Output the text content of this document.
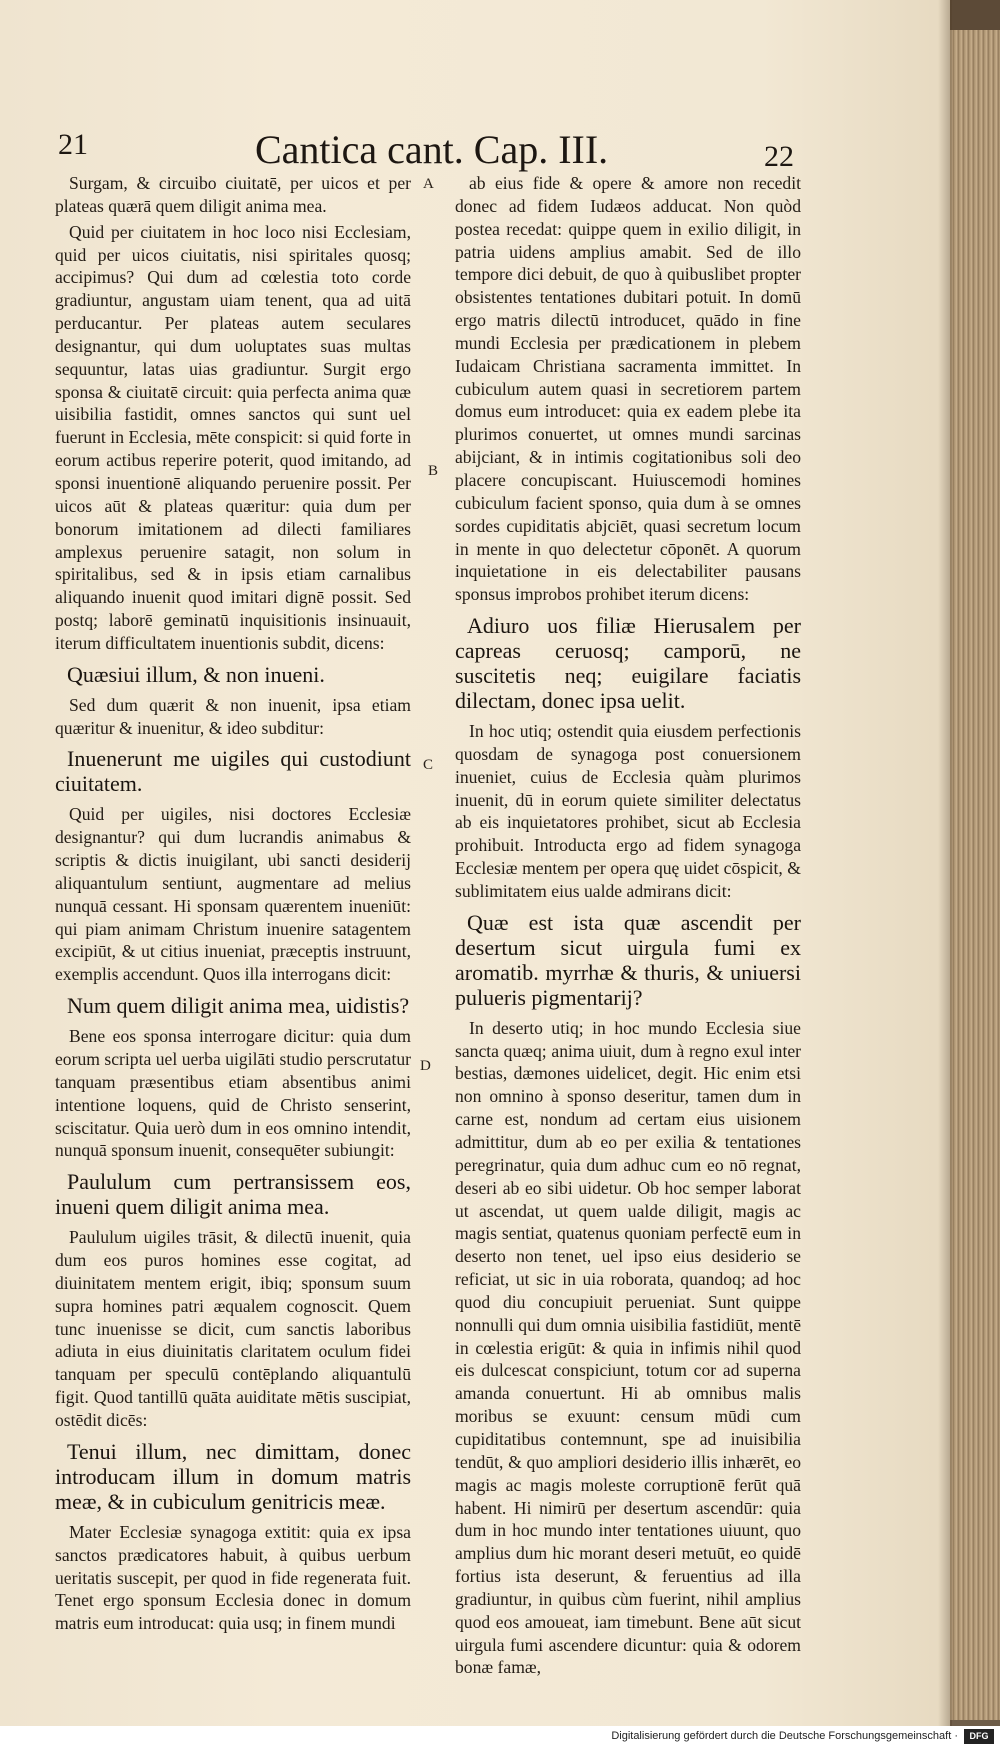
21	Cantica cant. Cap. III.	22

Surgam, & circuibo ciuitatē, per uicos et per plateas quærā quem diligit anima mea.

Quid per ciuitatem in hoc loco nisi Ecclesiam, quid per uicos ciuitatis, nisi spiritales quosq; accipimus? Qui dum ad cœlestia toto corde gradiuntur, angustam uiam tenent, qua ad uitā perducantur. Per plateas autem seculares designantur, qui dum uoluptates suas multas sequuntur, latas uias gradiuntur. Surgit ergo sponsa & ciuitatē circuit: quia perfecta anima quæ uisibilia fastidit, omnes sanctos qui sunt uel fuerunt in Ecclesia, mēte conspicit: si quid forte in eorum actibus reperire poterit, quod imitando, ad sponsi inuentionē aliquando peruenire possit. Per uicos aūt & plateas quæritur: quia dum per bonorum imitationem ad dilecti familiares amplexus peruenire satagit, non solum in spiritalibus, sed & in ipsis etiam carnalibus aliquando inuenit quod imitari dignē possit. Sed postq; laborē geminatū inquisitionis insinuauit, iterum difficultatem inuentionis subdit, dicens:

Quæsiui illum, & non inueni.

Sed dum quærit & non inuenit, ipsa etiam quæritur & inuenitur, & ideo subditur:

Inuenerunt me uigiles qui custodiunt ciuitatem.

Quid per uigiles, nisi doctores Ecclesiæ designantur? qui dum lucrandis animabus & scriptis & dictis inuigilant, ubi sancti desiderij aliquantulum sentiunt, augmentare ad melius nunquā cessant. Hi sponsam quærentem inueniūt: qui piam animam Christum inuenire satagentem excipiūt, & ut citius inueniat, præceptis instruunt, exemplis accendunt. Quos illa interrogans dicit:

Num quem diligit anima mea, uidistis?

Bene eos sponsa interrogare dicitur: quia dum eorum scripta uel uerba uigilāti studio perscrutatur tanquam præsentibus etiam absentibus animi intentione loquens, quid de Christo senserint, sciscitatur. Quia uerò dum in eos omnino intendit, nunquā sponsum inuenit, consequēter subiungit:

Paululum cum pertransissem eos, inueni quem diligit anima mea.

Paululum uigiles trāsit, & dilectū inuenit, quia dum eos puros homines esse cogitat, ad diuinitatem mentem erigit, ibiq; sponsum suum supra homines patri æqualem cognoscit. Quem tunc inuenisse se dicit, cum sanctis laboribus adiuta in eius diuinitatis claritatem oculum fidei tanquam per speculū contēplando aliquantulū figit. Quod tantillū quāta auiditate mētis suscipiat, ostēdit dicēs:

Tenui illum, nec dimittam, donec introducam illum in domum matris meæ, & in cubiculum genitricis meæ.

Mater Ecclesiæ synagoga extitit: quia ex ipsa sanctos prædicatores habuit, à quibus uerbum ueritatis suscepit, per quod in fide regenerata fuit. Tenet ergo sponsum Ecclesia donec in domum matris eum introducat: quia usq; in finem mundi

ab eius fide & opere & amore non recedit donec ad fidem Iudæos adducat. Non quòd postea recedat: quippe quem in exilio diligit, in patria uidens amplius amabit. Sed de illo tempore dici debuit, de quo à quibuslibet propter obsistentes tentationes dubitari potuit. In domū ergo matris dilectū introducet, quādo in fine mundi Ecclesia per prædicationem in plebem Iudaicam Christiana sacramenta immittet. In cubiculum autem quasi in secretiorem partem domus eum introducet: quia ex eadem plebe ita plurimos conuertet, ut omnes mundi sarcinas abijciant, & in intimis cogitationibus soli deo placere concupiscant. Huiuscemodi homines cubiculum facient sponso, quia dum à se omnes sordes cupiditatis abjciēt, quasi secretum locum in mente in quo delectetur cōponēt. A quorum inquietatione in eis delectabiliter pausans sponsus improbos prohibet iterum dicens:

Adiuro uos filiæ Hierusalem per capreas ceruosq; camporū, ne suscitetis neq; euigilare faciatis dilectam, donec ipsa uelit.

In hoc utiq; ostendit quia eiusdem perfectionis quosdam de synagoga post conuersionem inueniet, cuius de Ecclesia quàm plurimos inuenit, dū in eorum quiete similiter delectatus ab eis inquietatores prohibet, sicut ab Ecclesia prohibuit. Introducta ergo ad fidem synagoga Ecclesiæ mentem per opera quę uidet cōspicit, & sublimitatem eius ualde admirans dicit:

Quæ est ista quæ ascendit per desertum sicut uirgula fumi ex aromatib. myrrhæ & thuris, & uniuersi pulueris pigmentarij?

In deserto utiq; in hoc mundo Ecclesia siue sancta quæq; anima uiuit, dum à regno exul inter bestias, dæmones uidelicet, degit. Hic enim etsi non omnino à sponso deseritur, tamen dum in carne est, nondum ad certam eius uisionem admittitur, dum ab eo per exilia & tentationes peregrinatur, quia dum adhuc cum eo nō regnat, deseri ab eo sibi uidetur. Ob hoc semper laborat ut ascendat, ut quem ualde diligit, magis ac magis sentiat, quatenus quoniam perfectē eum in deserto non tenet, uel ipso eius desiderio se reficiat, ut sic in uia roborata, quandoq; ad hoc quod diu concupiuit perueniat. Sunt quippe nonnulli qui dum omnia uisibilia fastidiūt, mentē in cœlestia erigūt: & quia in infimis nihil quod eis dulcescat conspiciunt, totum cor ad superna amanda conuertunt. Hi ab omnibus malis moribus se exuunt: censum mūdi cum cupiditatibus contemnunt, spe ad inuisibilia tendūt, & quo ampliori desiderio illis inhærēt, eo magis ac magis moleste corruptionē ferūt quā habent. Hi nimirū per desertum ascendūr: quia dum in hoc mundo inter tentationes uiuunt, quo amplius dum hic morant deseri metuūt, eo quidē fortius ista deserunt, & feruentius ad illa gradiuntur, in quibus cùm fuerint, nihil amplius quod eos amoueat, iam timebunt. Bene aūt sicut uirgula fumi ascendere dicuntur: quia & odorem bonæ famæ,

A
B
C
D
Digitalisierung gefördert durch die Deutsche Forschungsgemeinschaft ·	DFG
